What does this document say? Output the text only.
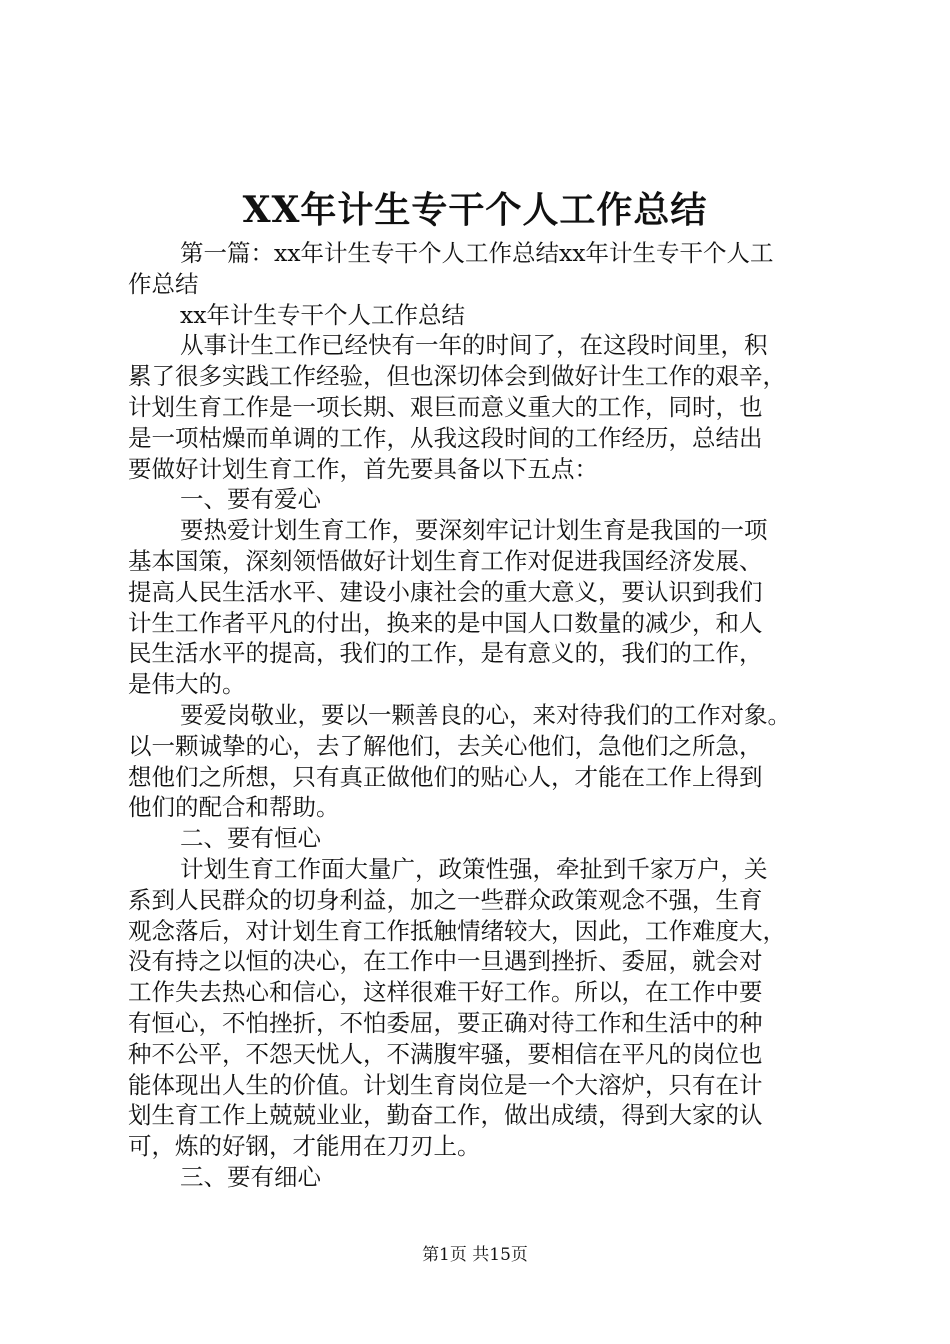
XX年计生专干个人工作总结
第一篇：xx年计生专干个人工作总结xx年计生专干个人工
作总结
xx年计生专干个人工作总结
从事计生工作已经快有一年的时间了，在这段时间里，积
累了很多实践工作经验，但也深切体会到做好计生工作的艰辛，
计划生育工作是一项长期、艰巨而意义重大的工作，同时，也
是一项枯燥而单调的工作，从我这段时间的工作经历，总结出
要做好计划生育工作，首先要具备以下五点：
一、要有爱心
要热爱计划生育工作，要深刻牢记计划生育是我国的一项
基本国策，深刻领悟做好计划生育工作对促进我国经济发展、
提高人民生活水平、建设小康社会的重大意义，要认识到我们
计生工作者平凡的付出，换来的是中国人口数量的减少，和人
民生活水平的提高，我们的工作，是有意义的，我们的工作，
是伟大的。
要爱岗敬业，要以一颗善良的心，来对待我们的工作对象。
以一颗诚挚的心，去了解他们，去关心他们，急他们之所急，
想他们之所想，只有真正做他们的贴心人，才能在工作上得到
他们的配合和帮助。
二、要有恒心
计划生育工作面大量广，政策性强，牵扯到千家万户，关
系到人民群众的切身利益，加之一些群众政策观念不强，生育
观念落后，对计划生育工作抵触情绪较大，因此，工作难度大，
没有持之以恒的决心，在工作中一旦遇到挫折、委屈，就会对
工作失去热心和信心，这样很难干好工作。所以，在工作中要
有恒心，不怕挫折，不怕委屈，要正确对待工作和生活中的种
种不公平，不怨天忧人，不满腹牢骚，要相信在平凡的岗位也
能体现出人生的价值。计划生育岗位是一个大溶炉，只有在计
划生育工作上兢兢业业，勤奋工作，做出成绩，得到大家的认
可，炼的好钢，才能用在刀刃上。
三、要有细心
第1页 共15页
